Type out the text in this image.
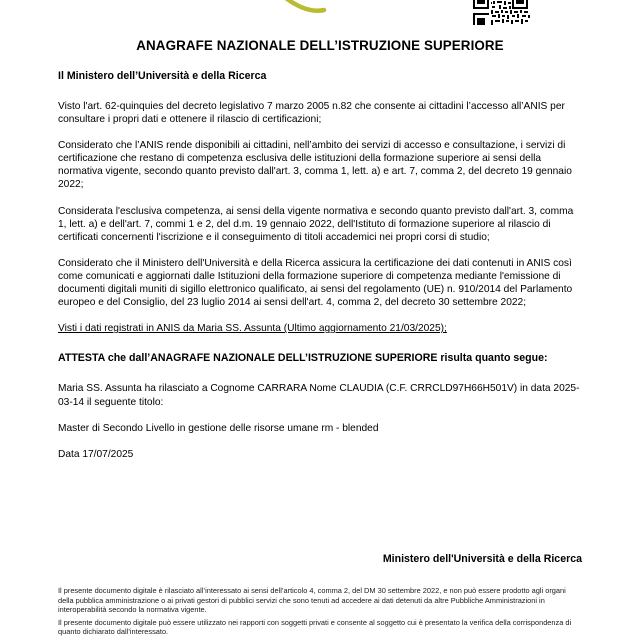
ANAGRAFE NAZIONALE DELL’ISTRUZIONE SUPERIORE
Il Ministero dell’Università e della Ricerca

Visto l'art. 62-quinquies del decreto legislativo 7 marzo 2005 n.82 che consente ai cittadini l’accesso all’ANIS per consultare i propri dati e ottenere il rilascio di certificazioni;

Considerato che l’ANIS rende disponibili ai cittadini, nell’ambito dei servizi di accesso e consultazione, i servizi di certificazione che restano di competenza esclusiva delle istituzioni della formazione superiore ai sensi della normativa vigente, secondo quanto previsto dall'art. 3, comma 1, lett. a) e art. 7, comma 2, del decreto 19 gennaio 2022;

Considerata l'esclusiva competenza, ai sensi della vigente normativa e secondo quanto previsto dall'art. 3, comma 1, lett. a) e dell'art. 7, commi 1 e 2, del d.m. 19 gennaio 2022, dell'Istituto di formazione superiore al rilascio di certificati concernenti l'iscrizione e il conseguimento di titoli accademici nei propri corsi di studio;

Considerato che il Ministero dell'Università e della Ricerca assicura la certificazione dei dati contenuti in ANIS così come comunicati e aggiornati dalle Istituzioni della formazione superiore di competenza mediante l'emissione di documenti digitali muniti di sigillo elettronico qualificato, ai sensi del regolamento (UE) n. 910/2014 del Parlamento europeo e del Consiglio, del 23 luglio 2014 ai sensi dell'art. 4, comma 2, del decreto 30 settembre 2022;

Visti i dati registrati in ANIS da Maria SS. Assunta (Ultimo aggiornamento 21/03/2025);

ATTESTA che dall’ANAGRAFE NAZIONALE DELL’ISTRUZIONE SUPERIORE risulta quanto segue:

Maria SS. Assunta ha rilasciato a Cognome CARRARA Nome CLAUDIA (C.F. CRRCLD97H66H501V) in data 2025-03-14 il seguente titolo:

Master di Secondo Livello in gestione delle risorse umane rm - blended

Data 17/07/2025

Ministero dell'Università e della Ricerca

Il presente documento digitale è rilasciato all’interessato ai sensi dell’articolo 4, comma 2, del DM 30 settembre 2022, e non può essere prodotto agli organi della pubblica amministrazione o ai privati gestori di pubblici servizi che sono tenuti ad accedere ai dati detenuti da altre Pubbliche Amministrazioni in interoperabilità secondo la normativa vigente.

Il presente documento digitale può essere utilizzato nei rapporti con soggetti privati e consente al soggetto cui è presentato la verifica della corrispondenza di quanto dichiarato dall’interessato.
